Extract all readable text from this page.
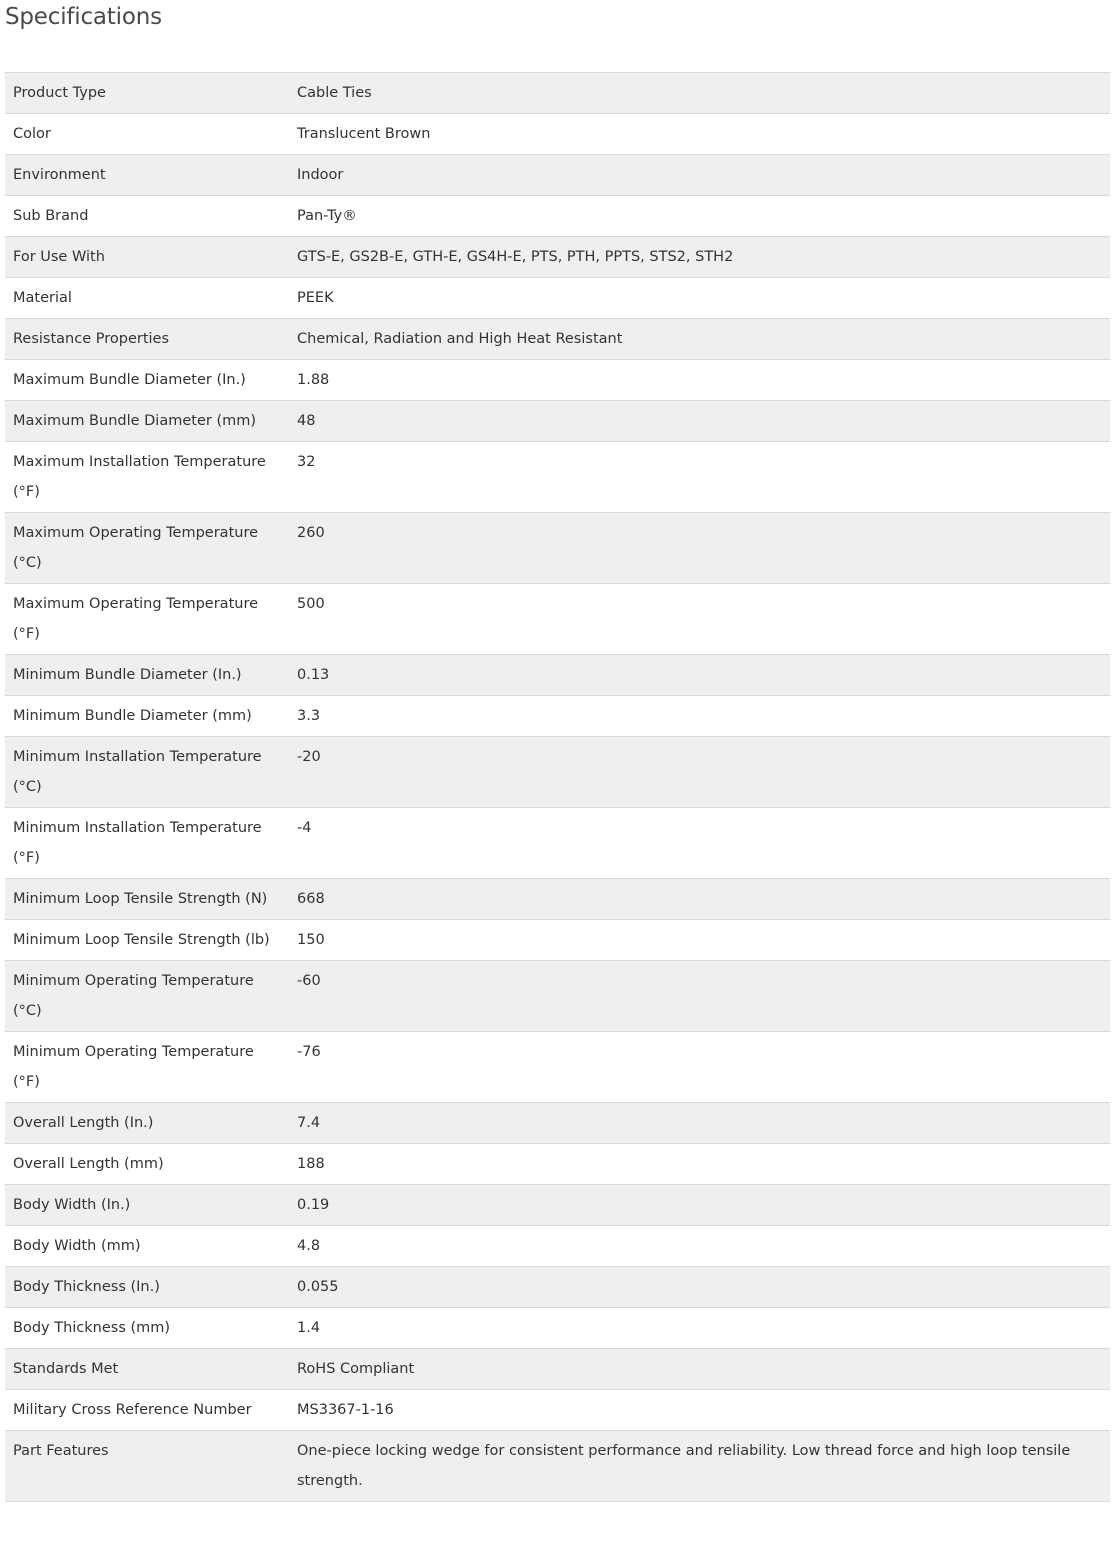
Specifications
Product Type	Cable Ties
Color	Translucent Brown
Environment	Indoor
Sub Brand	Pan-Ty®
For Use With	GTS-E, GS2B-E, GTH-E, GS4H-E, PTS, PTH, PPTS, STS2, STH2
Material	PEEK
Resistance Properties	Chemical, Radiation and High Heat Resistant
Maximum Bundle Diameter (In.)	1.88
Maximum Bundle Diameter (mm)	48
Maximum Installation Temperature (°F)	32
Maximum Operating Temperature (°C)	260
Maximum Operating Temperature (°F)	500
Minimum Bundle Diameter (In.)	0.13
Minimum Bundle Diameter (mm)	3.3
Minimum Installation Temperature (°C)	-20
Minimum Installation Temperature (°F)	-4
Minimum Loop Tensile Strength (N)	668
Minimum Loop Tensile Strength (lb)	150
Minimum Operating Temperature (°C)	-60
Minimum Operating Temperature (°F)	-76
Overall Length (In.)	7.4
Overall Length (mm)	188
Body Width (In.)	0.19
Body Width (mm)	4.8
Body Thickness (In.)	0.055
Body Thickness (mm)	1.4
Standards Met	RoHS Compliant
Military Cross Reference Number	MS3367-1-16
Part Features	One-piece locking wedge for consistent performance and reliability. Low thread force and high loop tensile strength.
